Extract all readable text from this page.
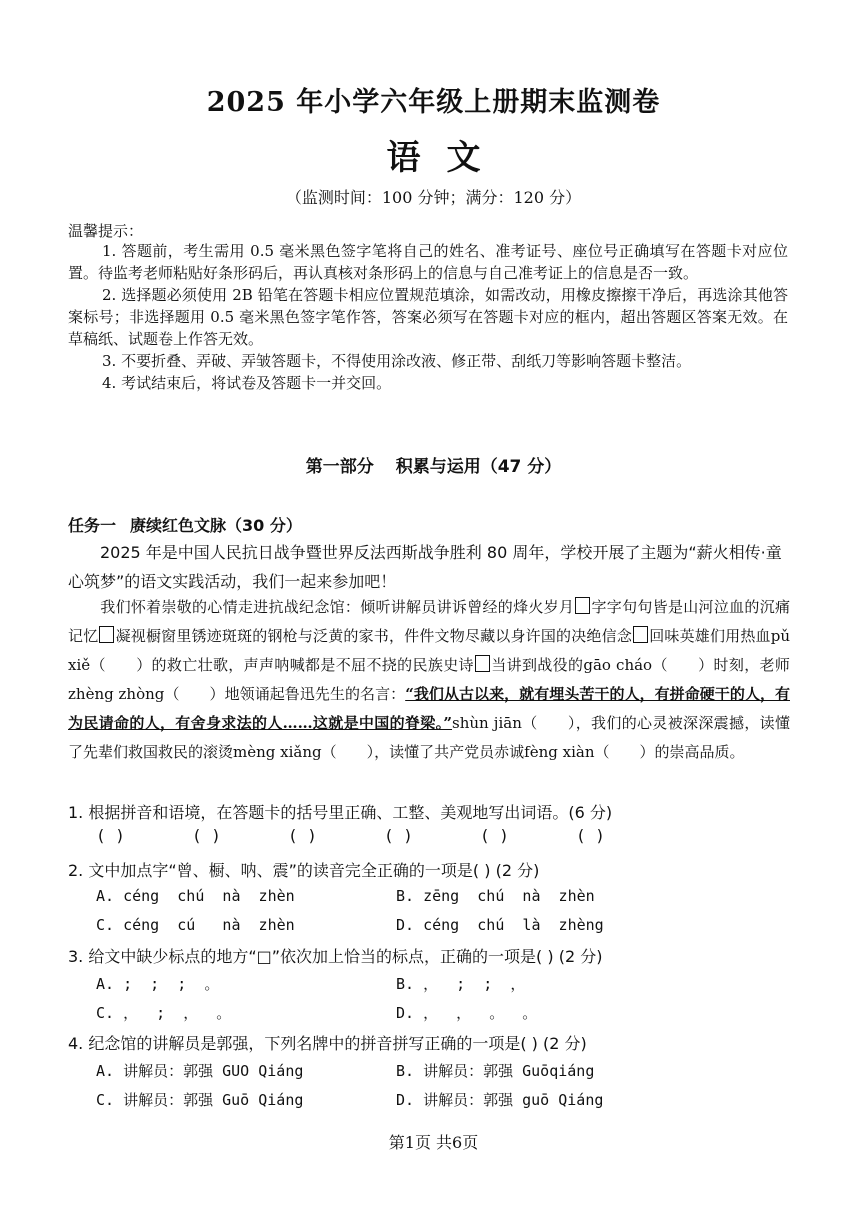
2025 年小学六年级上册期末监测卷
语文
（监测时间：100 分钟；满分：120 分）
温馨提示：

1. 答题前，考生需用 0.5 毫米黑色签字笔将自己的姓名、准考证号、座位号正确填写在答题卡对应位置。待监考老师粘贴好条形码后，再认真核对条形码上的信息与自己准考证上的信息是否一致。

2. 选择题必须使用 2B 铅笔在答题卡相应位置规范填涂，如需改动，用橡皮擦擦干净后，再选涂其他答案标号；非选择题用 0.5 毫米黑色签字笔作答，答案必须写在答题卡对应的框内，超出答题区答案无效。在草稿纸、试题卷上作答无效。

3. 不要折叠、弄破、弄皱答题卡，不得使用涂改液、修正带、刮纸刀等影响答题卡整洁。

4. 考试结束后，将试卷及答题卡一并交回。

第一部分 积累与运用（47 分）
任务一 赓续红色文脉（30 分）

2025 年是中国人民抗日战争暨世界反法西斯战争胜利 80 周年，学校开展了主题为“薪火相传·童心筑梦”的语文实践活动，我们一起来参加吧！

我们怀着崇敬的心情走进抗战纪念馆：倾听讲解员讲诉曾经的烽火岁月 字字句句皆是山河泣血的沉痛记忆 凝视橱窗里锈迹斑斑的钢枪与泛黄的家书，件件文物尽藏以身许国的决绝信念 回味英雄们用热血pǔ xiě（ ）的救亡壮歌，声声呐喊都是不屈不挠的民族史诗 当讲到战役的gāo cháo（ ）时刻，老师zhèng zhòng（ ）地领诵起鲁迅先生的名言：“我们从古以来，就有埋头苦干的人，有拼命硬干的人，有为民请命的人，有舍身求法的人……这就是中国的脊梁。”shùn jiān（ ），我们的心灵被深深震撼，读懂了先辈们救国救民的滚烫mèng xiǎng（ ），读懂了共产党员赤诚fèng xiàn（ ）的崇高品质。
1. 根据拼音和语境，在答题卡的括号里正确、工整、美观地写出词语。(6 分)
( )	( )	( )	( )	( )	( )
2. 文中加点字“曾、橱、呐、震”的读音完全正确的一项是( ) (2 分)
A. céng  chú  nà  zhèn	B. zēng  chú  nà  zhèn
C. céng  cú   nà  zhèn	D. céng  chú  là  zhèng
3. 给文中缺少标点的地方“□”依次加上恰当的标点，正确的一项是( ) (2 分)
A. ;  ;  ;  。	B. ，  ;  ;  ，
C. ，  ;  ，  。	D. ，  ，  。  。
4. 纪念馆的讲解员是郭强，下列名牌中的拼音拼写正确的一项是( ) (2 分)
A. 讲解员：郭强 GUO Qiáng	B. 讲解员：郭强 Guōqiáng
C. 讲解员：郭强 Guō Qiáng	D. 讲解员：郭强 guō Qiáng
第1页 共6页
